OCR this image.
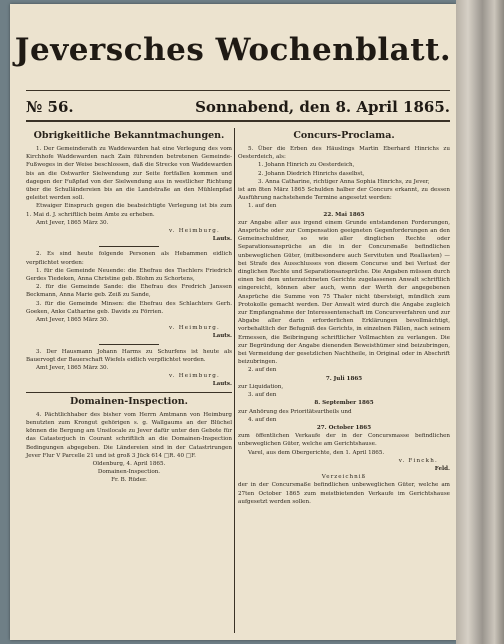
Jeversches Wochenblatt.
№ 56.	Sonnabend, den 8. April 1865.
Obrigkeitliche Bekanntmachungen.

1. Der Gemeinderath zu Waddewarden hat eine Verlegung des vom Kirchhofe Waddewarden nach Zain führenden betretenen Gemeinde-Fußweges in der Weise beschlossen, daß die Strecke von Waddewarden bis an die Ostwarfer Sielwendung zur Seite fortfallen kommen und dagegen der Fußpfad von der Sielwendung aus in westlicher Richtung über die Schulländereien bis an die Landstraße an den Mühlenpfad geleitet werden soll.

Etwaiger Einspruch gegen die beabsichtigte Verlegung ist bis zum 1. Mai d. J. schriftlich beim Amte zu erheben.

Amt Jever, 1865 März 30.

v. Heimburg.

Lauts.

2. Es sind heute folgende Personen als Hebammen eidlich verpflichtet worden:

1. für die Gemeinde Neuende: die Ehefrau des Tischlers Friedrich Gerdes Tiedeken, Anna Christine geb. Blohm zu Schortens,

2. für die Gemeinde Sande: die Ehefrau des Fredrich Janssen Beckmann, Anna Marie geb. Zeiß zu Sande,

3. für die Gemeinde Minsen: die Ehefrau des Schlachters Gerh. Goeken, Anke Catharine geb. Davids zu Förrien.

Amt Jever, 1865 März 30.

v. Heimburg.

Lauts.

3. Der Hausmann Johann Harms zu Schurfens ist heute als Bauervogt der Bauerschaft Wiefels eidlich verpflichtet worden.

Amt Jever, 1865 März 30.

v. Heimburg.

Lauts.

Domainen-Inspection.

4. Pächtlichhaber des bisher vom Herrn Amtmann von Heimburg benutzten zum Krongut gehörigen s. g. Wallgaums an der Blüchel können die Bergung am Unsilocale zu Jever dafür unter den Gebote für das Catasterjuch in Courant schriftlich an die Domainen-Inspection Bedingungen abgegeben. Die Ländereien sind in der Catastrirungen Jever Flur V Parcelle 21 und ist groß 3 Jück 614 □R. 40 □F.

Oldenburg, 4. April 1865.

Domainen-Inspection.

Fr. B. Rüder.

Concurs-Proclama.

5. Über die Erben des Häuslings Martin Eberhard Hinrichs zu Oesterdeich, als:

1. Johann Hinrich zu Oesterdeich,

2. Johann Diedrich Hinrichs daselbst,

3. Anna Catharine, richtiger Anna Sophia Hinrichs, zu Jever,

ist am 8ten März 1865 Schulden halber der Concurs erkannt, zu dessen Ausführung nachstehende Termine angesetzt werden:

1. auf den

22. Mai 1865

zur Angabe aller aus irgend einem Grunde entstandenen Forderungen, Ansprüche oder zur Compensation geeigneten Gegenforderungen an den Gemeinschuldner, so wie aller dinglichen Rechte oder Separationsansprüche an die in der Concursmaße befindlichen unbeweglichen Güter, (mitbesondere auch Servituten und Reallasten) — bei Strafe des Ausschlusses von diesem Concurse und bei Verlust der dinglichen Rechte und Separationsansprüche. Die Angaben müssen durch einen bei dem unterzeichneten Gerichte zugelassenen Anwalt schriftlich eingereicht, können aber auch, wenn der Werth der angegebenen Ansprüche die Summe von 75 Thaler nicht übersteigt, mündlich zum Protokolle gemacht werden. Der Anwalt wird durch die Angabe zugleich zur Empfangnahme der Interessentenschaft im Concursverfahren und zur Abgabe aller darin erforderlichen Erklärungen bevollmächtigt, vorbehaltlich der Befugniß des Gerichts, in einzelnen Fällen, nach seinem Ermessen, die Beibringung schriftlicher Vollmachten zu verlangen. Die zur Begründung der Angabe dienenden Beweisthümer sind beizubringen, bei Vermeidung der gesetzlichen Nachtheile, in Original oder in Abschrift beizubringen.

2. auf den

7. Juli 1865

zur Liquidation,

3. auf den

8. September 1865

zur Anhörung des Prioritätsurtheils und

4. auf den

27. October 1865

zum öffentlichen Verkaufe der in der Concursmasse befindlichen unbeweglichen Güter, welche am Gerichtshause.

Varel, aus dem Obergerichte, den 1. April 1865.

v. Finckh.

Feld.

Verzeichniß

der in der Concursmaße befindlichen unbeweglichen Güter, welche am 27ten October 1865 zum meistbietenden Verkaufe im Gerichtshause aufgesetzt werden sollen.
